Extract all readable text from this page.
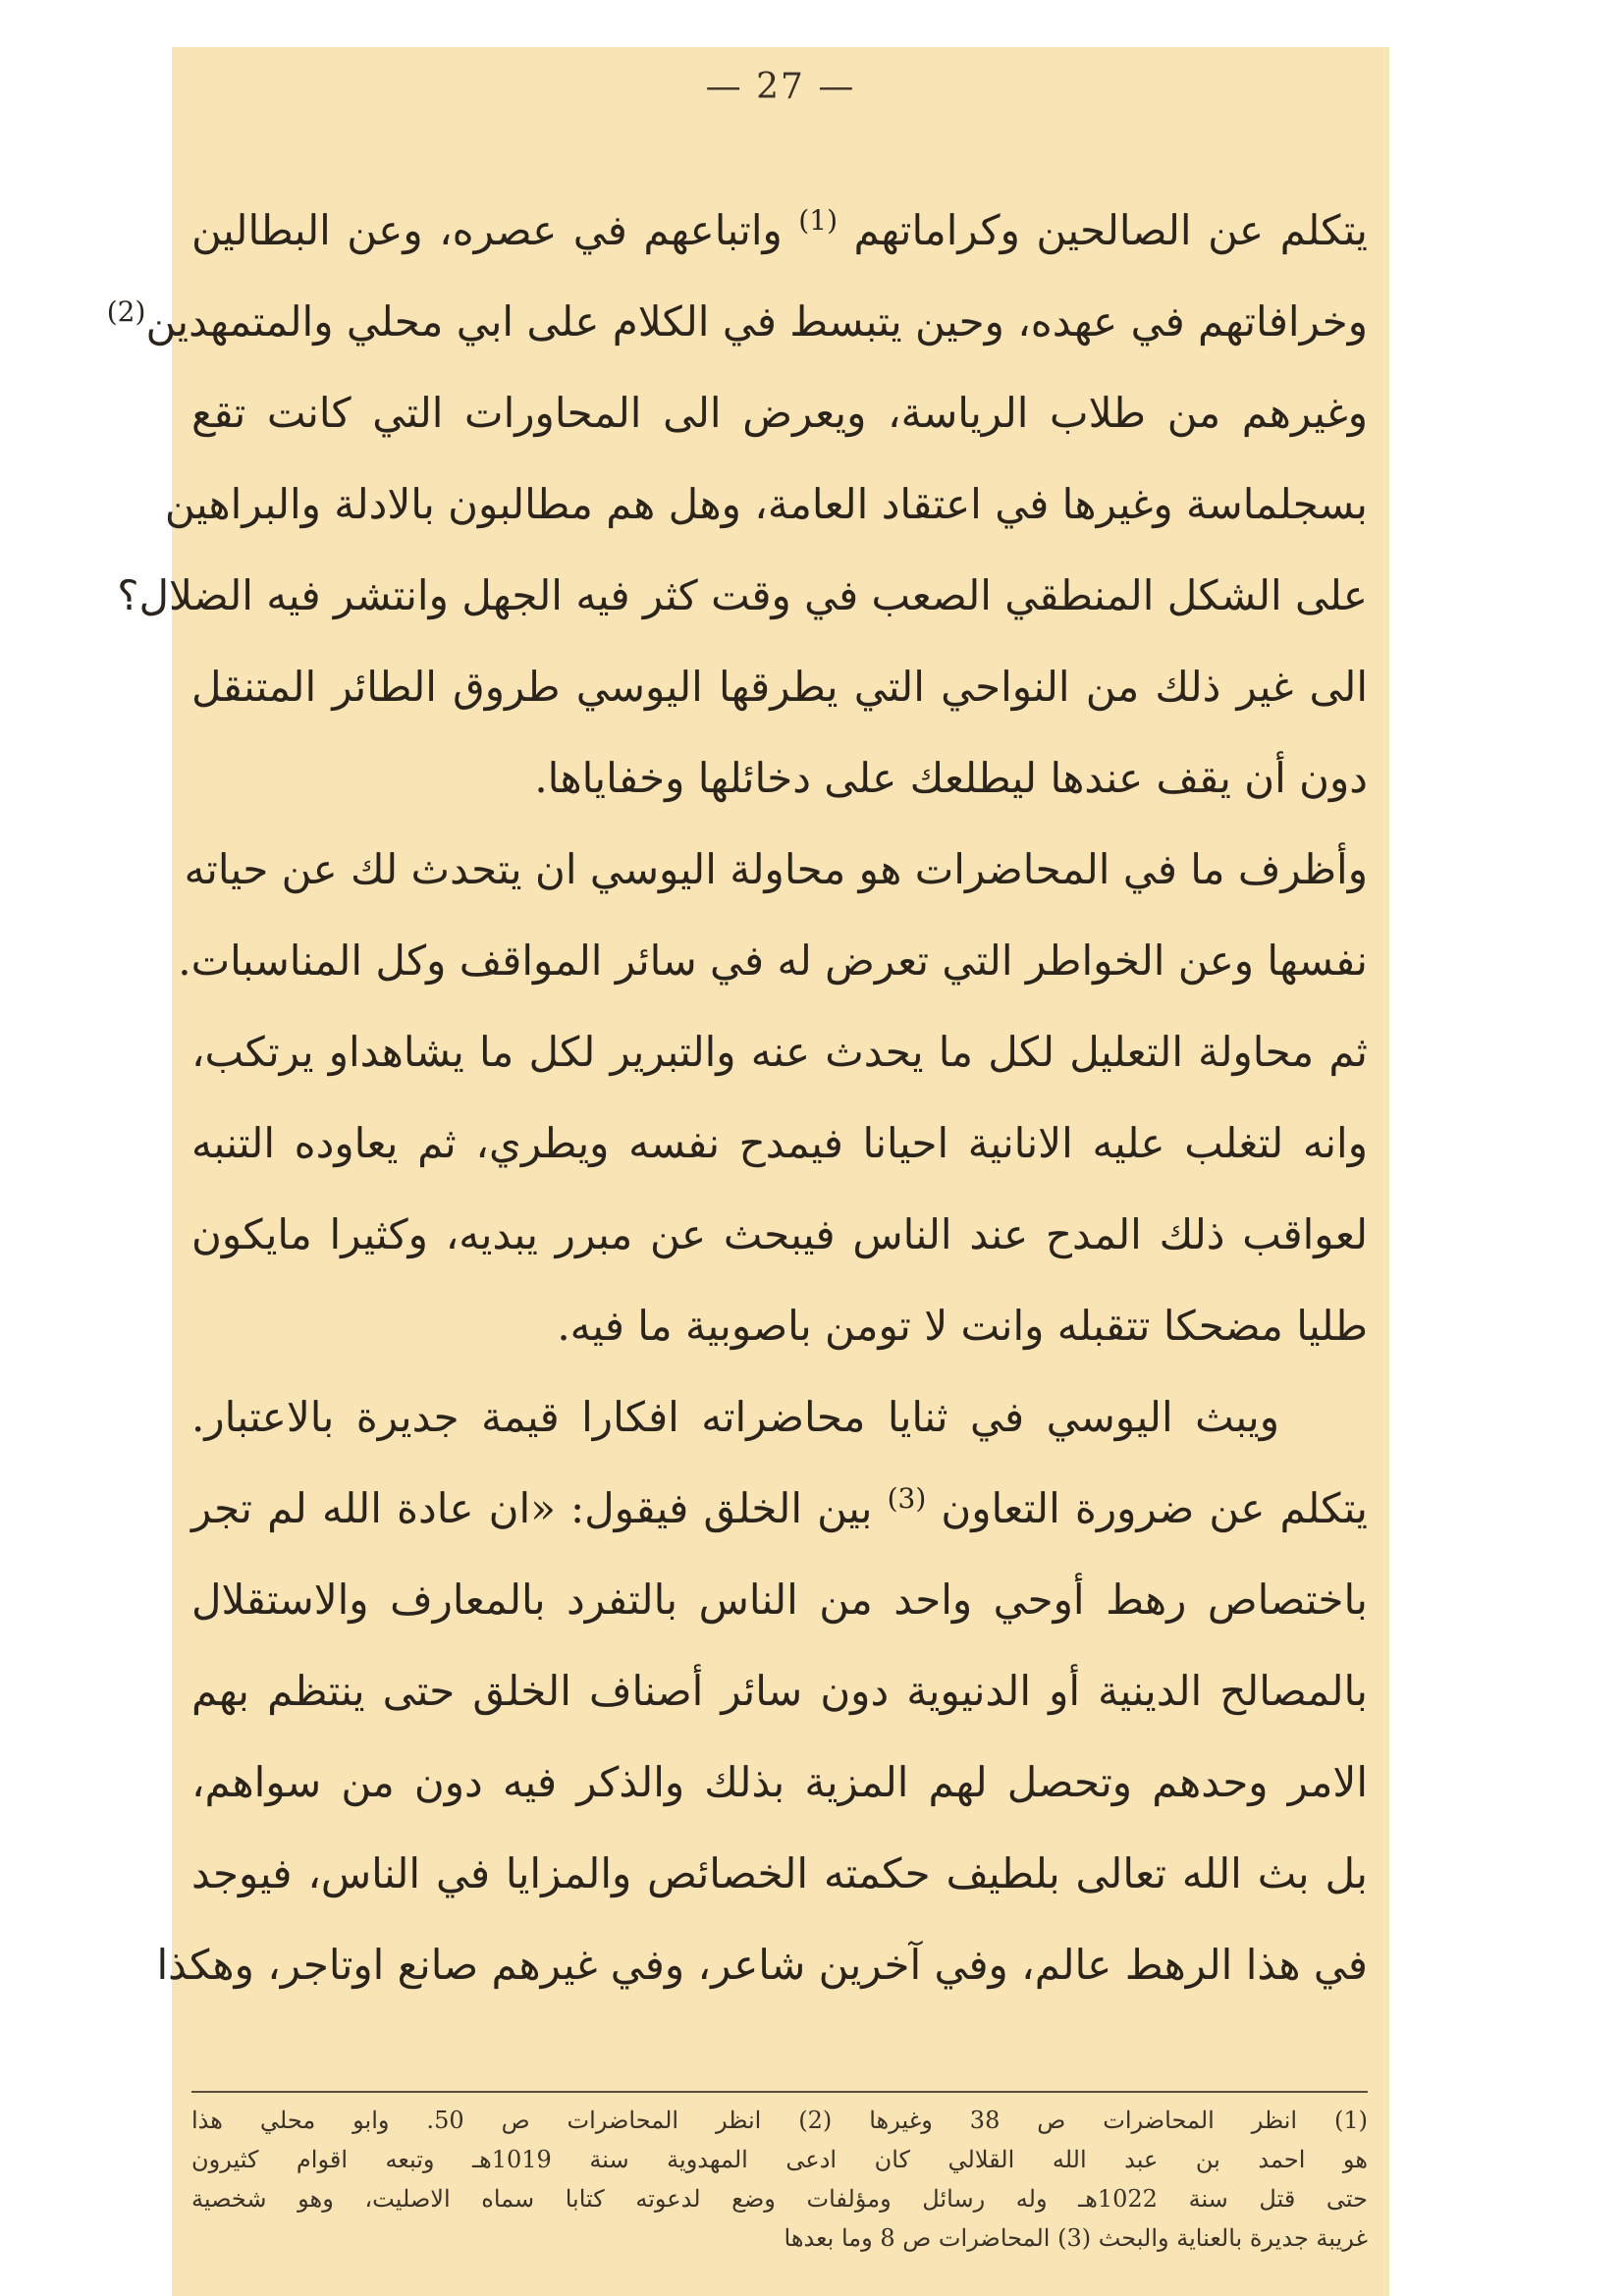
— 27 —
يتكلم عن الصالحين وكراماتهم $^{(1)}$ واتباعهم في عصره، وعن البطالين
وخرافاتهم في عهده، وحين يتبسط في الكلام على ابي محلي والمتمهدين$^{(2)}$
وغيرهم من طلاب الرياسة، ويعرض الى المحاورات التي كانت تقع
بسجلماسة وغيرها في اعتقاد العامة، وهل هم مطالبون بالادلة والبراهين
على الشكل المنطقي الصعب في وقت كثر فيه الجهل وانتشر فيه الضلال؟
الى غير ذلك من النواحي التي يطرقها اليوسي طروق الطائر المتنقل
دون أن يقف عندها ليطلعك على دخائلها وخفاياها.
وأظرف ما في المحاضرات هو محاولة اليوسي ان يتحدث لك عن حياته
نفسها وعن الخواطر التي تعرض له في سائر المواقف وكل المناسبات.
ثم محاولة التعليل لكل ما يحدث عنه والتبرير لكل ما يشاهداو يرتكب،
وانه لتغلب عليه الانانية احيانا فيمدح نفسه ويطري، ثم يعاوده التنبه
لعواقب ذلك المدح عند الناس فيبحث عن مبرر يبديه، وكثيرا مايكون
طليا مضحكا تتقبله وانت لا تومن باصوبية ما فيه.
ويبث اليوسي في ثنايا محاضراته افكارا قيمة جديرة بالاعتبار.
يتكلم عن ضرورة التعاون $^{(3)}$ بين الخلق فيقول: «ان عادة الله لم تجر
باختصاص رهط أوحي واحد من الناس بالتفرد بالمعارف والاستقلال
بالمصالح الدينية أو الدنيوية دون سائر أصناف الخلق حتى ينتظم بهم
الامر وحدهم وتحصل لهم المزية بذلك والذكر فيه دون من سواهم،
بل بث الله تعالى بلطيف حكمته الخصائص والمزايا في الناس، فيوجد
في هذا الرهط عالم، وفي آخرين شاعر، وفي غيرهم صانع اوتاجر، وهكذا
(1) انظر المحاضرات ص 38 وغيرها (2) انظر المحاضرات ص 50. وابو محلي هذا
هو احمد بن عبد الله القلالي كان ادعى المهدوية سنة 1019هـ وتبعه اقوام كثيرون
حتى قتل سنة 1022هـ وله رسائل ومؤلفات وضع لدعوته كتابا سماه الاصليت، وهو شخصية
غريبة جديرة بالعناية والبحث (3) المحاضرات ص 8 وما بعدها
